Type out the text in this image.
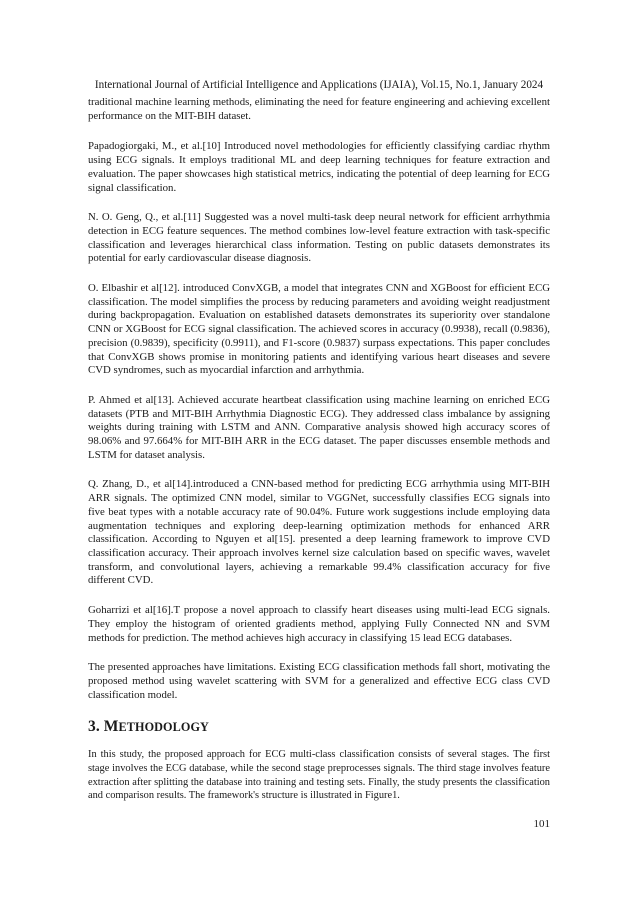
International Journal of Artificial Intelligence and Applications (IJAIA), Vol.15, No.1, January 2024

traditional machine learning methods, eliminating the need for feature engineering and achieving excellent performance on the MIT-BIH dataset.

Papadogiorgaki, M., et al.[10] Introduced novel methodologies for efficiently classifying cardiac rhythm using ECG signals. It employs traditional ML and deep learning techniques for feature extraction and evaluation. The paper showcases high statistical metrics, indicating the potential of deep learning for ECG signal classification.

N. O. Geng, Q., et al.[11] Suggested was a novel multi-task deep neural network for efficient arrhythmia detection in ECG feature sequences. The method combines low-level feature extraction with task-specific classification and leverages hierarchical class information. Testing on public datasets demonstrates its potential for early cardiovascular disease diagnosis.

O. Elbashir et al[12]. introduced ConvXGB, a model that integrates CNN and XGBoost for efficient ECG classification. The model simplifies the process by reducing parameters and avoiding weight readjustment during backpropagation. Evaluation on established datasets demonstrates its superiority over standalone CNN or XGBoost for ECG signal classification. The achieved scores in accuracy (0.9938), recall (0.9836), precision (0.9839), specificity (0.9911), and F1-score (0.9837) surpass expectations. This paper concludes that ConvXGB shows promise in monitoring patients and identifying various heart diseases and severe CVD syndromes, such as myocardial infarction and arrhythmia.

P. Ahmed et al[13]. Achieved accurate heartbeat classification using machine learning on enriched ECG datasets (PTB and MIT-BIH Arrhythmia Diagnostic ECG). They addressed class imbalance by assigning weights during training with LSTM and ANN. Comparative analysis showed high accuracy scores of 98.06% and 97.664% for MIT-BIH ARR in the ECG dataset. The paper discusses ensemble methods and LSTM for dataset analysis.

Q. Zhang, D., et al[14].introduced a CNN-based method for predicting ECG arrhythmia using MIT-BIH ARR signals. The optimized CNN model, similar to VGGNet, successfully classifies ECG signals into five beat types with a notable accuracy rate of 90.04%. Future work suggestions include employing data augmentation techniques and exploring deep-learning optimization methods for enhanced ARR classification. According to Nguyen et al[15]. presented a deep learning framework to improve CVD classification accuracy. Their approach involves kernel size calculation based on specific waves, wavelet transform, and convolutional layers, achieving a remarkable 99.4% classification accuracy for five different CVD.

Goharrizi et al[16].T propose a novel approach to classify heart diseases using multi-lead ECG signals. They employ the histogram of oriented gradients method, applying Fully Connected NN and SVM methods for prediction. The method achieves high accuracy in classifying 15 lead ECG databases.

The presented approaches have limitations. Existing ECG classification methods fall short, motivating the proposed method using wavelet scattering with SVM for a generalized and effective ECG class CVD classification model.

3. METHODOLOGY

In this study, the proposed approach for ECG multi-class classification consists of several stages. The first stage involves the ECG database, while the second stage preprocesses signals. The third stage involves feature extraction after splitting the database into training and testing sets. Finally, the study presents the classification and comparison results. The framework's structure is illustrated in Figure1.

101
